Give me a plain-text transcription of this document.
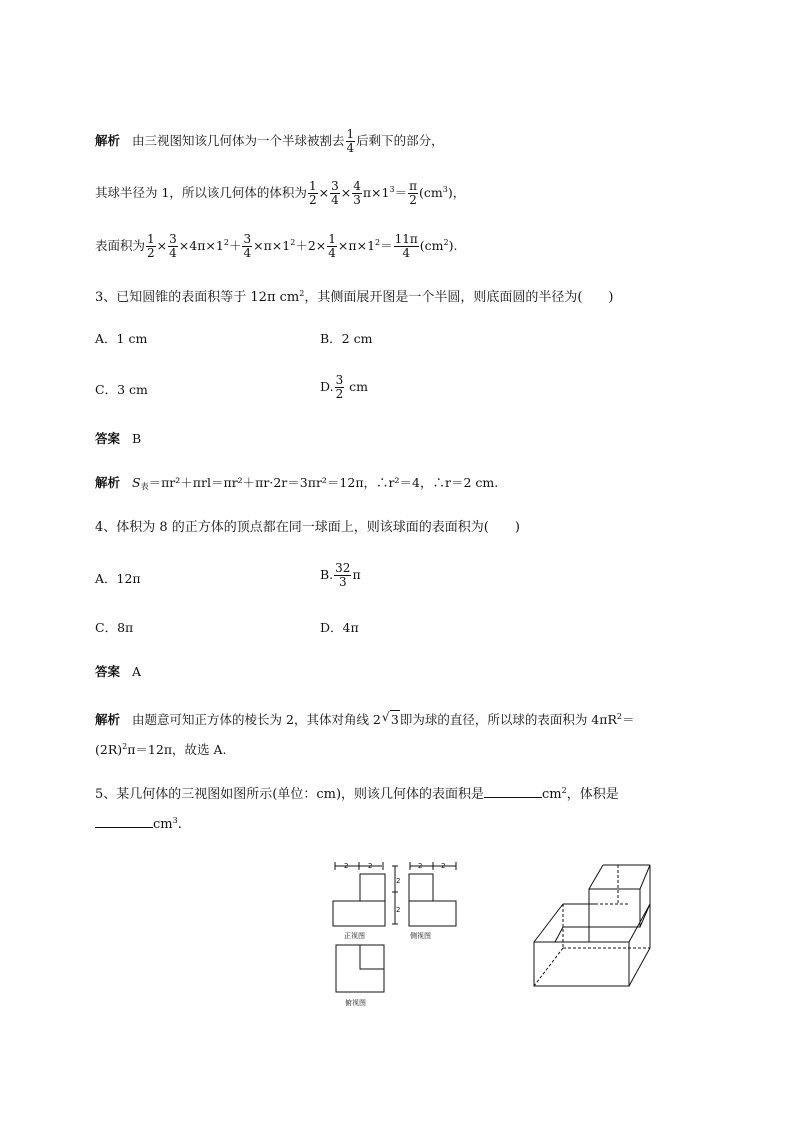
解析 由三视图知该几何体为一个半球被割去 $\frac{1}{4}$ 后剩下的部分，
其球半径为 1，所以该几何体的体积为 $\frac{1}{2} \times \frac{3}{4} \times \frac{4}{3} \pi\times 1^3= \frac{\pi}{2} (cm^3)$，
表面积为 $\frac{1}{2} \times \frac{3}{4} \times 4\pi\times 1^2+ \frac{3}{4} \times\pi\times 1^2+2\times \frac{1}{4} \times\pi\times 1^2= \frac{11\pi}{4} (cm^2)$.
3、已知圆锥的表面积等于 12π $cm^2$，其侧面展开图是一个半圆，则底面圆的半径为(　　)
A．1 cm	B．2 cm
C．3 cm	D. $\frac{3}{2}$ cm
答案 B
解析 $S_表=\pi r^2+\pi rl=\pi r^2+\pi r\cdot 2r=3\pi r^2=12\pi$，∴r²＝4，∴r＝2 cm.
4、体积为 8 的正方体的顶点都在同一球面上，则该球面的表面积为(　　)
A．12π	B. $\frac{32}{3}$ π
C．8π	D．4π
答案 A
解析 由题意可知正方体的棱长为 2，其体对角线 2√ 3即为球的直径，所以球的表面积为 $4\pi R^2=$
$(2R)^2\pi=12\pi$，故选 A.
5、某几何体的三视图如图所示(单位：cm)，则该几何体的表面积是	$cm^2$，体积是
$cm^3$.
2	2	2	2
2
2
正视图	侧视图
俯视图
